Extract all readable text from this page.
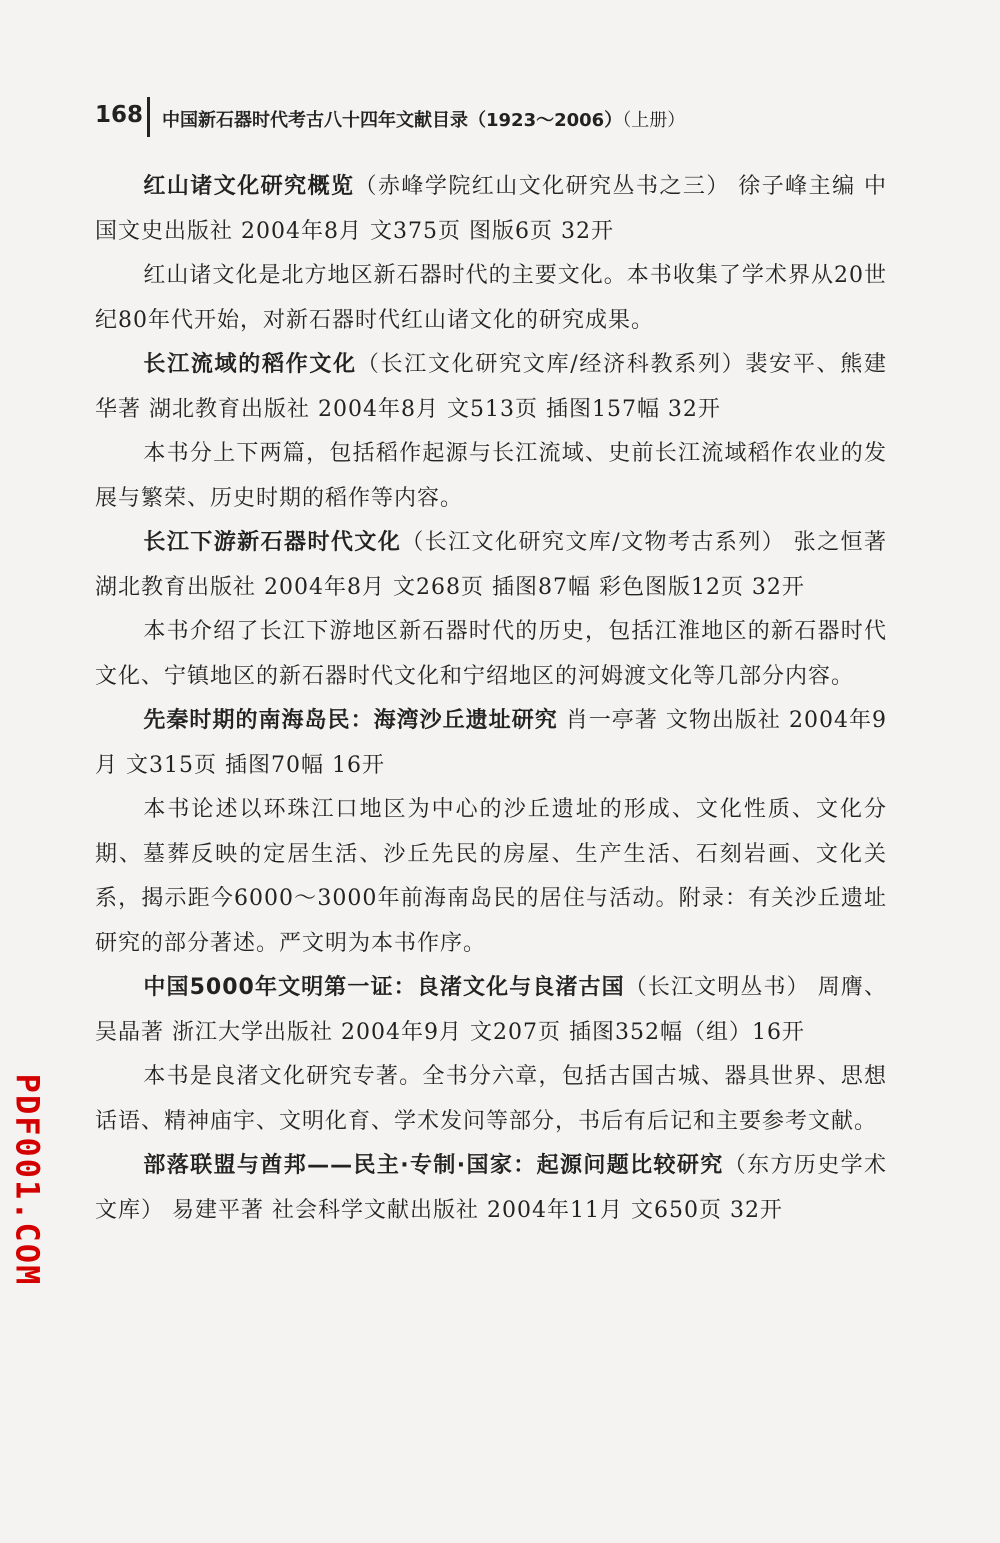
168 中国新石器时代考古八十四年文献目录（1923～2006）（上册）

红山诸文化研究概览（赤峰学院红山文化研究丛书之三） 徐子峰主编 中国文史出版社 2004年8月 文375页 图版6页 32开

红山诸文化是北方地区新石器时代的主要文化。本书收集了学术界从20世纪80年代开始，对新石器时代红山诸文化的研究成果。

长江流域的稻作文化（长江文化研究文库/经济科教系列）裴安平、熊建华著 湖北教育出版社 2004年8月 文513页 插图157幅 32开

本书分上下两篇，包括稻作起源与长江流域、史前长江流域稻作农业的发展与繁荣、历史时期的稻作等内容。

长江下游新石器时代文化（长江文化研究文库/文物考古系列） 张之恒著 湖北教育出版社 2004年8月 文268页 插图87幅 彩色图版12页 32开

本书介绍了长江下游地区新石器时代的历史，包括江淮地区的新石器时代文化、宁镇地区的新石器时代文化和宁绍地区的河姆渡文化等几部分内容。

先秦时期的南海岛民：海湾沙丘遗址研究 肖一亭著 文物出版社 2004年9月 文315页 插图70幅 16开

本书论述以环珠江口地区为中心的沙丘遗址的形成、文化性质、文化分期、墓葬反映的定居生活、沙丘先民的房屋、生产生活、石刻岩画、文化关系，揭示距今6000～3000年前海南岛民的居住与活动。附录：有关沙丘遗址研究的部分著述。严文明为本书作序。

中国5000年文明第一证：良渚文化与良渚古国（长江文明丛书） 周膺、吴晶著 浙江大学出版社 2004年9月 文207页 插图352幅（组）16开

本书是良渚文化研究专著。全书分六章，包括古国古城、器具世界、思想话语、精神庙宇、文明化育、学术发问等部分，书后有后记和主要参考文献。

部落联盟与酋邦——民主·专制·国家：起源问题比较研究（东方历史学术文库） 易建平著 社会科学文献出版社 2004年11月 文650页 32开

PDF001.COM
